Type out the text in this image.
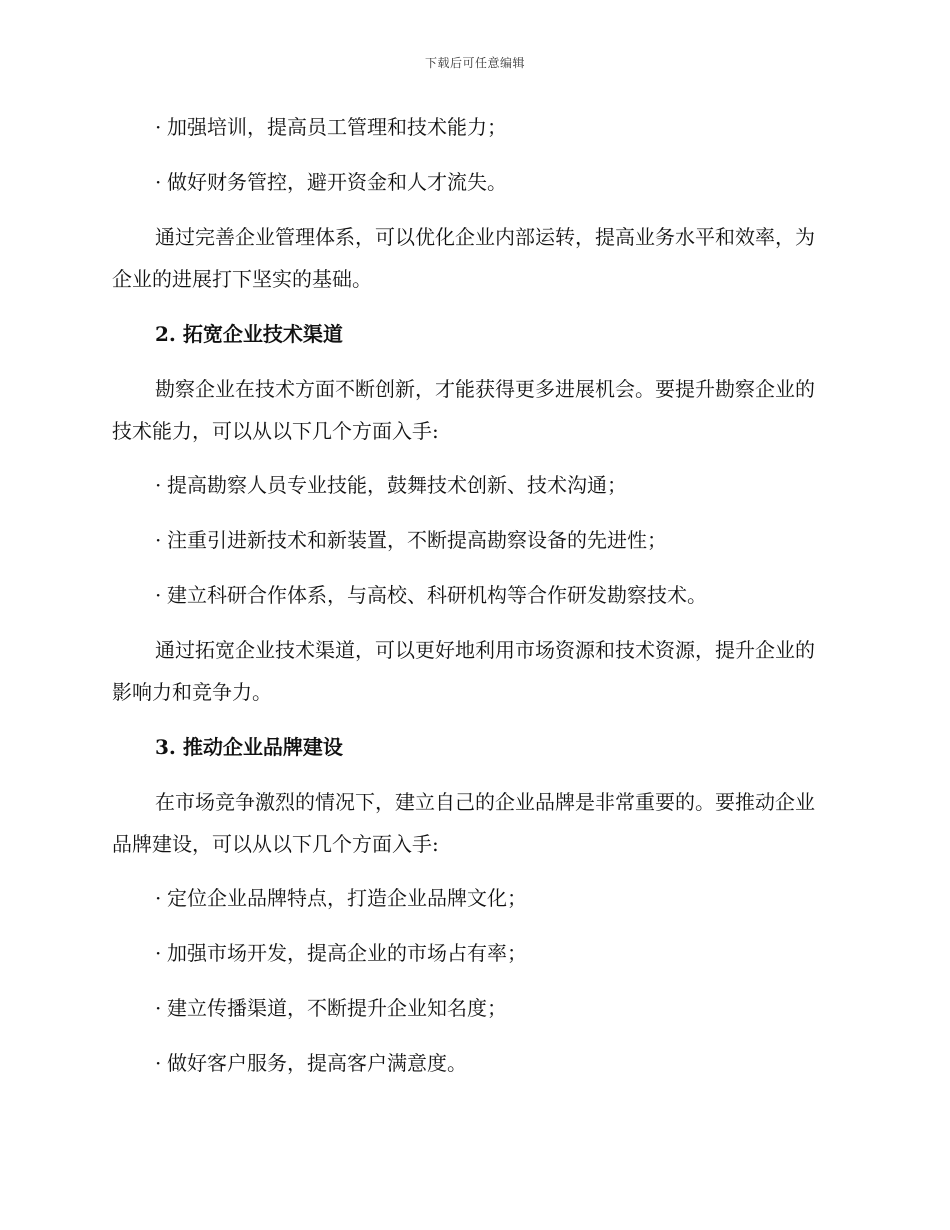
下载后可任意编辑
· 加强培训，提高员工管理和技术能力；
· 做好财务管控，避开资金和人才流失。
通过完善企业管理体系，可以优化企业内部运转，提高业务水平和效率，为企业的进展打下坚实的基础。
2. 拓宽企业技术渠道
勘察企业在技术方面不断创新，才能获得更多进展机会。要提升勘察企业的技术能力，可以从以下几个方面入手:
· 提高勘察人员专业技能，鼓舞技术创新、技术沟通；
· 注重引进新技术和新装置，不断提高勘察设备的先进性；
· 建立科研合作体系，与高校、科研机构等合作研发勘察技术。
通过拓宽企业技术渠道，可以更好地利用市场资源和技术资源，提升企业的影响力和竞争力。
3. 推动企业品牌建设
在市场竞争激烈的情况下，建立自己的企业品牌是非常重要的。要推动企业品牌建设，可以从以下几个方面入手:
· 定位企业品牌特点，打造企业品牌文化；
· 加强市场开发，提高企业的市场占有率；
· 建立传播渠道，不断提升企业知名度；
· 做好客户服务，提高客户满意度。
